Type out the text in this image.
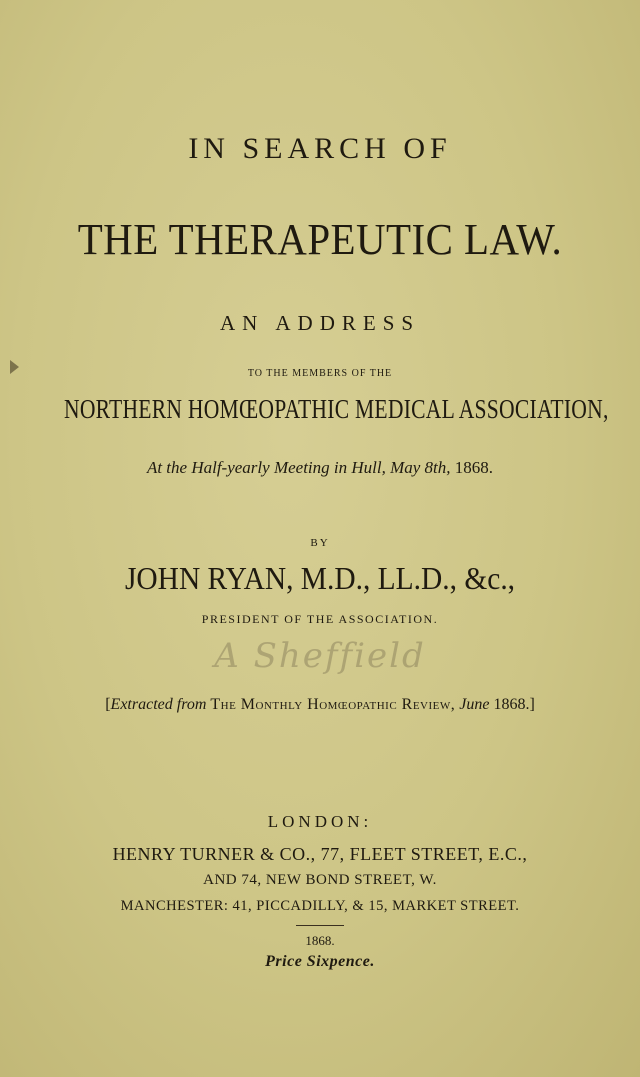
IN SEARCH OF
THE THERAPEUTIC LAW.
AN ADDRESS
TO THE MEMBERS OF THE
NORTHERN HOMŒOPATHIC MEDICAL ASSOCIATION,
At the Half-yearly Meeting in Hull, May 8th, 1868.
BY
JOHN RYAN, M.D., LL.D., &c.,
PRESIDENT OF THE ASSOCIATION.
A Sheffield
[Extracted from The Monthly Homœopathic Review, June 1868.]
LONDON:
HENRY TURNER & CO., 77, FLEET STREET, E.C.,
AND 74, NEW BOND STREET, W.
MANCHESTER: 41, PICCADILLY, & 15, MARKET STREET.
1868.
Price Sixpence.
